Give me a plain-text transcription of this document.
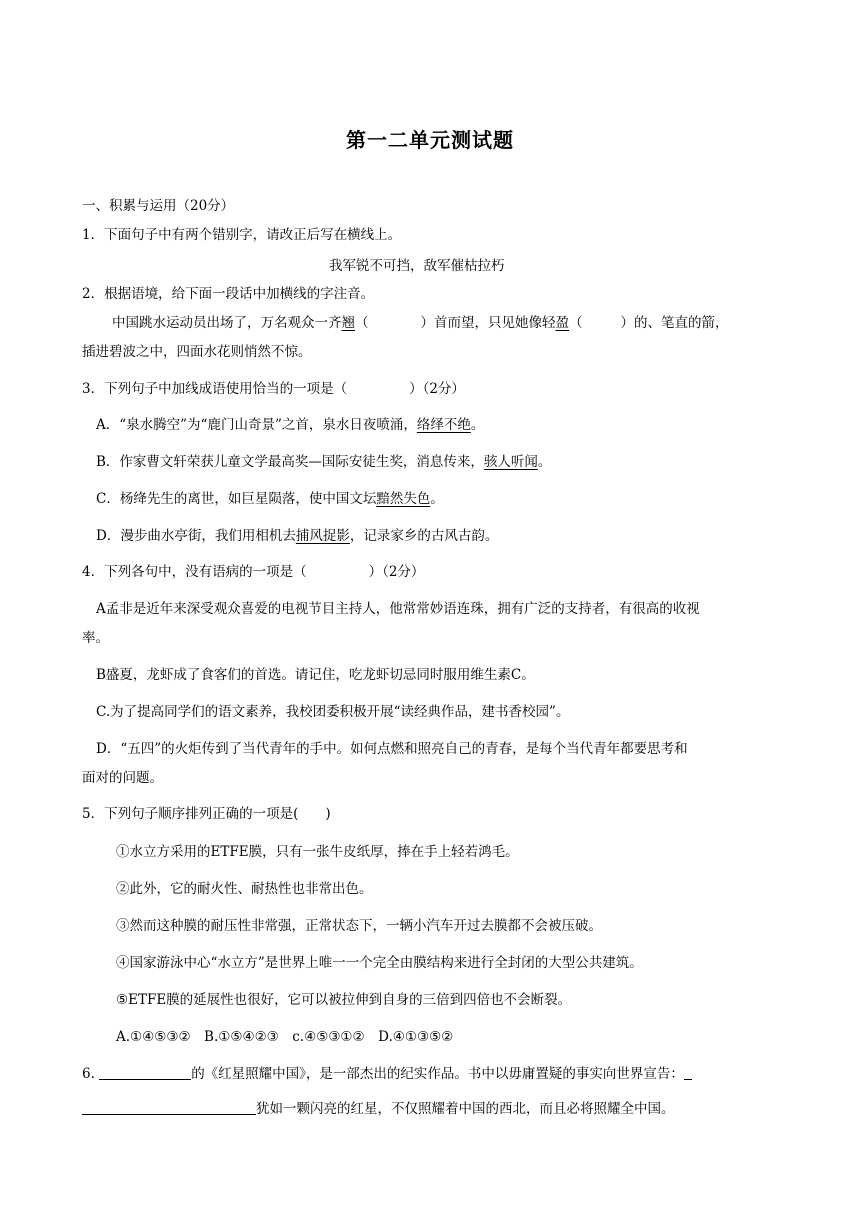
第一二单元测试题
一、积累与运用（20分）
1．下面句子中有两个错别字，请改正后写在横线上。
我军锐不可挡，敌军催枯拉朽
2．根据语境，给下面一段话中加横线的字注音。
中国跳水运动员出场了，万名观众一齐翘（	）首而望，只见她像轻盈（	）的、笔直的箭，
插进碧波之中，四面水花则悄然不惊。
3．下列句子中加线成语使用恰当的一项是（	）（2分）
A．“泉水腾空”为“鹿门山奇景”之首，泉水日夜喷涌，络绎不绝。
B．作家曹文轩荣获儿童文学最高奖—国际安徒生奖，消息传来，骇人听闻。
C．杨绛先生的离世，如巨星陨落，使中国文坛黯然失色。
D．漫步曲水亭街，我们用相机去捕风捉影，记录家乡的古风古韵。
4．下列各句中，没有语病的一项是（	）（2分）
A孟非是近年来深受观众喜爱的电视节目主持人，他常常妙语连珠，拥有广泛的支持者，有很高的收视
率。
B盛夏，龙虾成了食客们的首选。请记住，吃龙虾切忌同时服用维生素C。
C.为了提高同学们的语文素养，我校团委积极开展“读经典作品，建书香校园”。
D．“五四”的火炬传到了当代青年的手中。如何点燃和照亮自己的青春，是每个当代青年都要思考和
面对的问题。
5．下列句子顺序排列正确的一项是(　　)
①水立方采用的ETFE膜，只有一张牛皮纸厚，捧在手上轻若鸿毛。
②此外，它的耐火性、耐热性也非常出色。
③然而这种膜的耐压性非常强，正常状态下，一辆小汽车开过去膜都不会被压破。
④国家游泳中心“水立方”是世界上唯一一个完全由膜结构来进行全封闭的大型公共建筑。
⑤ETFE膜的延展性也很好，它可以被拉伸到自身的三倍到四倍也不会断裂。
A.①④⑤③②　B.①⑤④②③　c.④⑤③①②　D.④①③⑤②
6.	的《红星照耀中国》，是一部杰出的纪实作品。书中以毋庸置疑的事实向世界宣告：
犹如一颗闪亮的红星，不仅照耀着中国的西北，而且必将照耀全中国。
